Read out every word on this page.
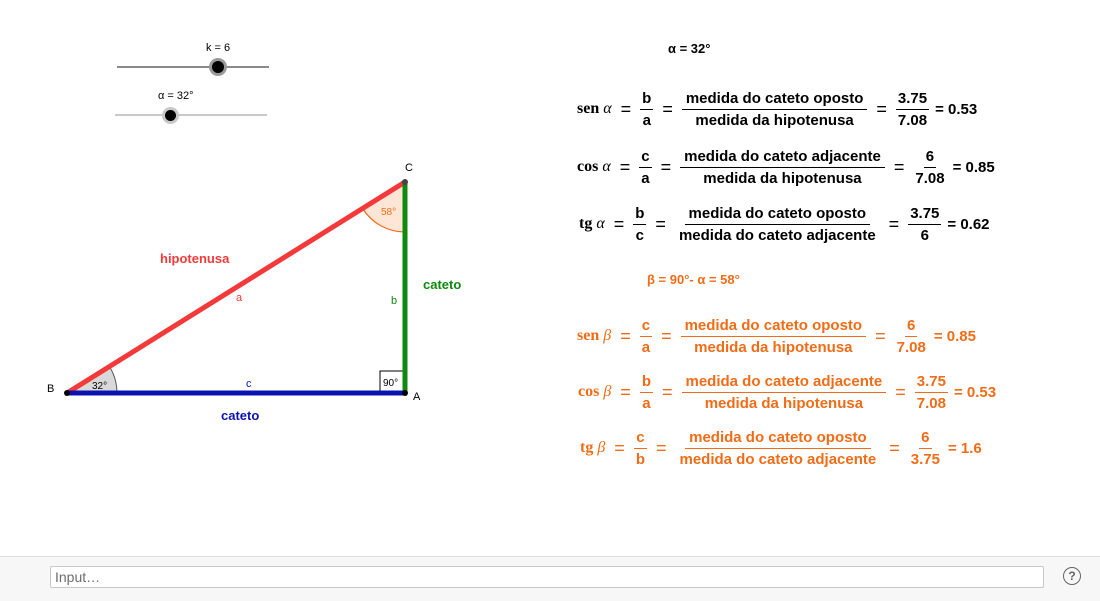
k = 6
α = 32°
B
C
A
a	b
c
32°
58°
90°
hipotenusa
cateto
cateto
α = 32°
sen $\alpha = \frac{b}{a} = \frac{\text{medida do cateto oposto}}{\text{medida da hipotenusa}} = \frac{3.75}{7.08} = 0.53$
$\cos \alpha = \frac{c}{a} = \frac{\text{medida do cateto adjacente}}{\text{medida da hipotenusa}} = \frac{6}{7.08} = 0.85$
tg $\alpha = \frac{b}{c} = \frac{\text{medida do cateto oposto}}{\text{medida do cateto adjacente}} = \frac{3.75}{6} = 0.62$
β = 90°- α = 58°
sen $\beta = \frac{c}{a} = \frac{\text{medida do cateto oposto}}{\text{medida da hipotenusa}} = \frac{6}{7.08} = 0.85$
$\cos \beta = \frac{b}{a} = \frac{\text{medida do cateto adjacente}}{\text{medida da hipotenusa}} = \frac{3.75}{7.08} = 0.53$
tg $\beta = \frac{c}{b} = \frac{\text{medida do cateto oposto}}{\text{medida do cateto adjacente}} = \frac{6}{3.75} = 1.6$
Input…
?
